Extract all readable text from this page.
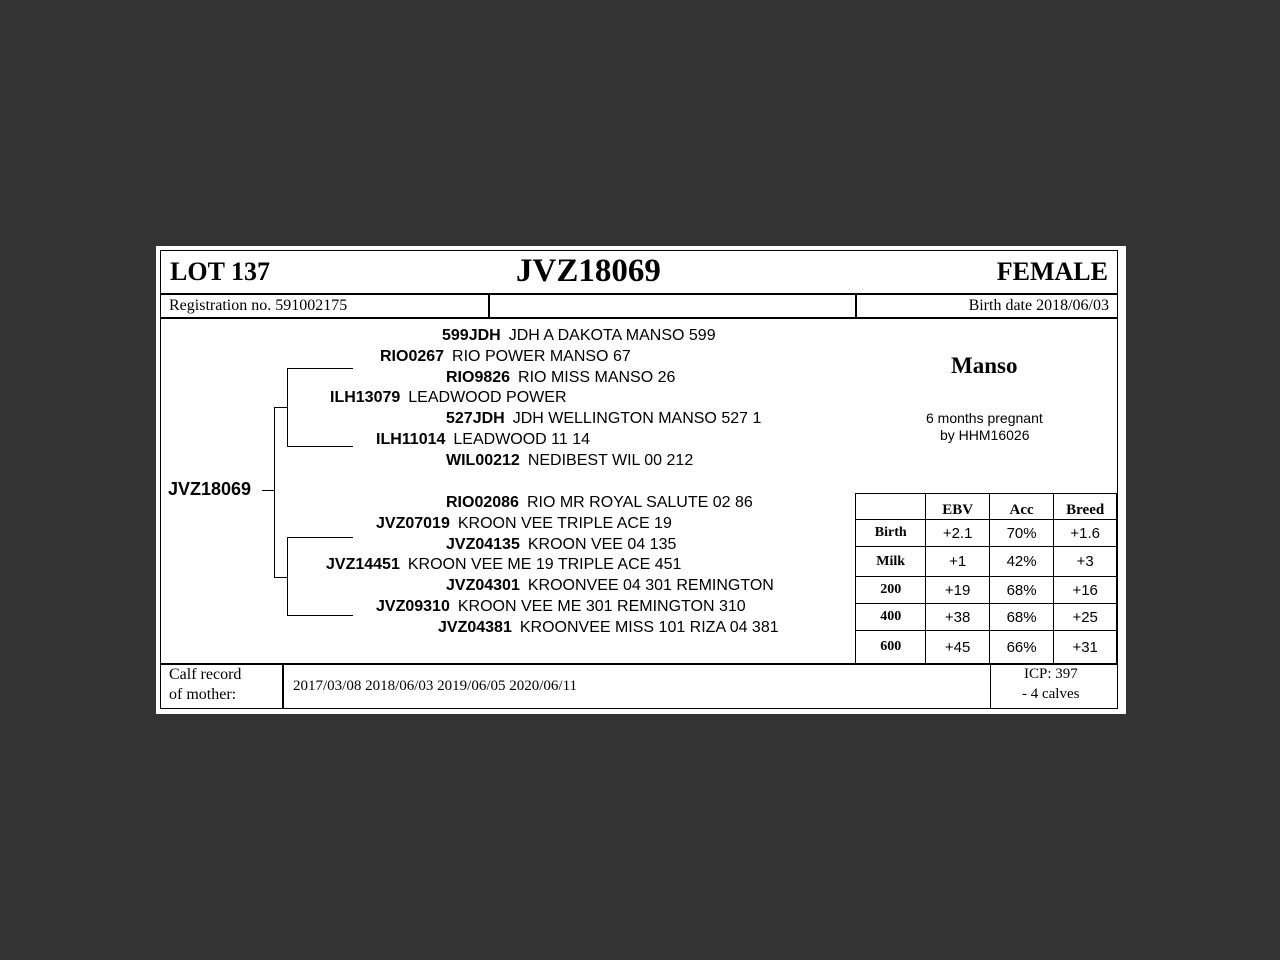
LOT 137	JVZ18069	FEMALE
Registration no. 591002175	Birth date 2018/06/03
JVZ18069
599JDH JDH A DAKOTA MANSO 599
RIO0267 RIO POWER MANSO 67
RIO9826 RIO MISS MANSO 26
ILH13079 LEADWOOD POWER
527JDH JDH WELLINGTON MANSO 527 1
ILH11014 LEADWOOD 11 14
WIL00212 NEDIBEST WIL 00 212
RIO02086 RIO MR ROYAL SALUTE 02 86
JVZ07019 KROON VEE TRIPLE ACE 19
JVZ04135 KROON VEE 04 135
JVZ14451 KROON VEE ME 19 TRIPLE ACE 451
JVZ04301 KROONVEE 04 301 REMINGTON
JVZ09310 KROON VEE ME 301 REMINGTON 310
JVZ04381 KROONVEE MISS 101 RIZA 04 381
Manso
6 months pregnant
by HHM16026
	EBV	Acc	Breed
Birth	+2.1	70%	+1.6
Milk	+1	42%	+3
200	+19	68%	+16
400	+38	68%	+25
600	+45	66%	+31
Calf record
of mother:	2017/03/08 2018/06/03 2019/06/05 2020/06/11
ICP: 397
- 4 calves
